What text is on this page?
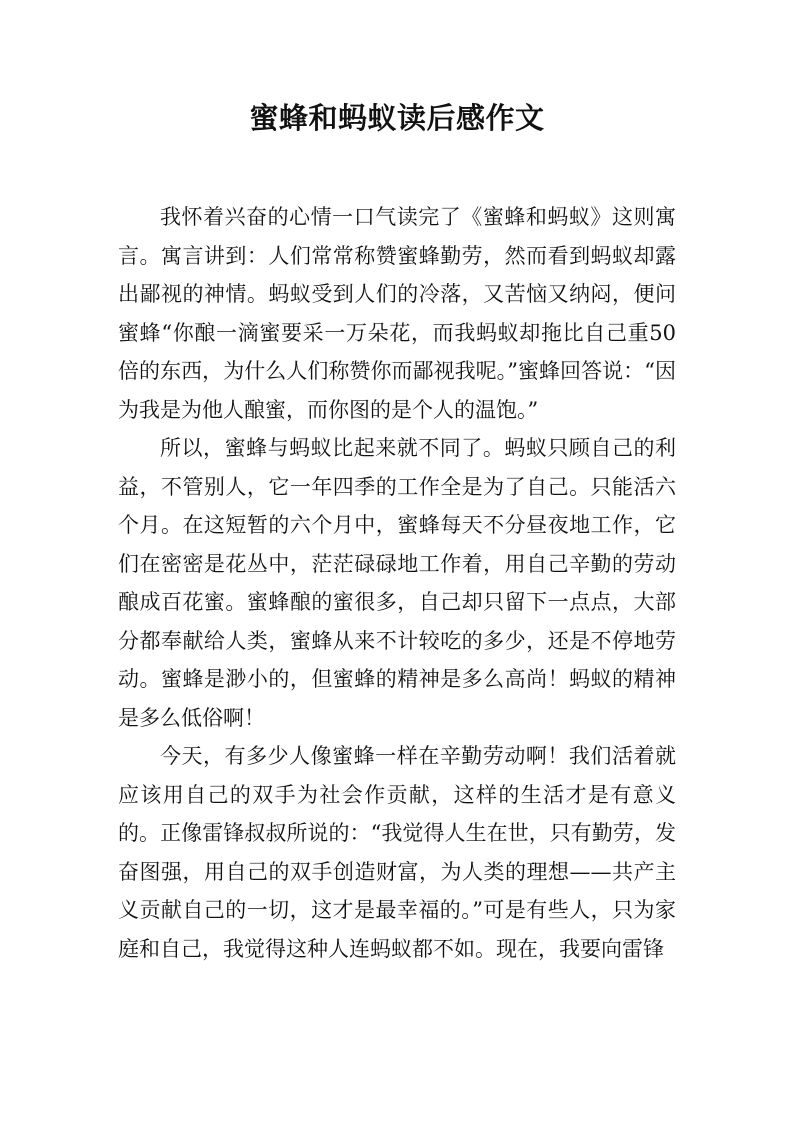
蜜蜂和蚂蚁读后感作文

我怀着兴奋的心情一口气读完了《蜜蜂和蚂蚁》这则寓言。寓言讲到：人们常常称赞蜜蜂勤劳，然而看到蚂蚁却露出鄙视的神情。蚂蚁受到人们的冷落，又苦恼又纳闷，便问蜜蜂“你酿一滴蜜要采一万朵花，而我蚂蚁却拖比自己重50倍的东西，为什么人们称赞你而鄙视我呢。”蜜蜂回答说：“因为我是为他人酿蜜，而你图的是个人的温饱。”

所以，蜜蜂与蚂蚁比起来就不同了。蚂蚁只顾自己的利益，不管别人，它一年四季的工作全是为了自己。只能活六个月。在这短暂的六个月中，蜜蜂每天不分昼夜地工作，它们在密密是花丛中，茫茫碌碌地工作着，用自己辛勤的劳动酿成百花蜜。蜜蜂酿的蜜很多，自己却只留下一点点，大部分都奉献给人类，蜜蜂从来不计较吃的多少，还是不停地劳动。蜜蜂是渺小的，但蜜蜂的精神是多么高尚！蚂蚁的精神是多么低俗啊！

今天，有多少人像蜜蜂一样在辛勤劳动啊！我们活着就应该用自己的双手为社会作贡献，这样的生活才是有意义的。正像雷锋叔叔所说的：“我觉得人生在世，只有勤劳，发奋图强，用自己的双手创造财富，为人类的理想——共产主义贡献自己的一切，这才是最幸福的。”可是有些人，只为家庭和自己，我觉得这种人连蚂蚁都不如。现在，我要向雷锋
